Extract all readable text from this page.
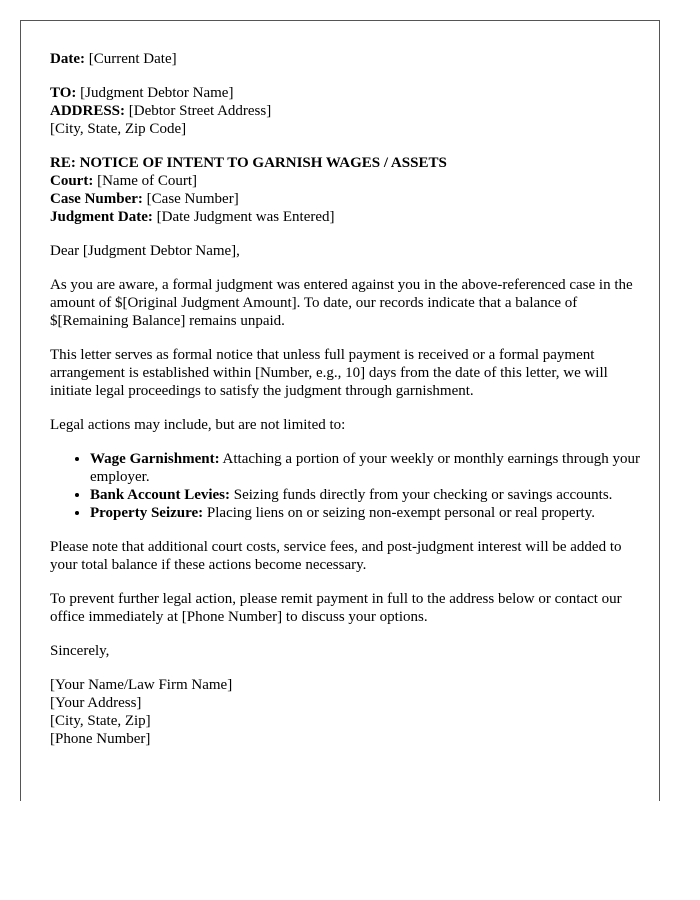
Date: [Current Date]

TO: [Judgment Debtor Name]
ADDRESS: [Debtor Street Address]
[City, State, Zip Code]

RE: NOTICE OF INTENT TO GARNISH WAGES / ASSETS
Court: [Name of Court]
Case Number: [Case Number]
Judgment Date: [Date Judgment was Entered]

Dear [Judgment Debtor Name],

As you are aware, a formal judgment was entered against you in the above-referenced case in the amount of $[Original Judgment Amount]. To date, our records indicate that a balance of $[Remaining Balance] remains unpaid.

This letter serves as formal notice that unless full payment is received or a formal payment arrangement is established within [Number, e.g., 10] days from the date of this letter, we will initiate legal proceedings to satisfy the judgment through garnishment.

Legal actions may include, but are not limited to:

• Wage Garnishment: Attaching a portion of your weekly or monthly earnings through your employer.
• Bank Account Levies: Seizing funds directly from your checking or savings accounts.
• Property Seizure: Placing liens on or seizing non-exempt personal or real property.

Please note that additional court costs, service fees, and post-judgment interest will be added to your total balance if these actions become necessary.

To prevent further legal action, please remit payment in full to the address below or contact our office immediately at [Phone Number] to discuss your options.

Sincerely,

[Your Name/Law Firm Name]
[Your Address]
[City, State, Zip]
[Phone Number]
